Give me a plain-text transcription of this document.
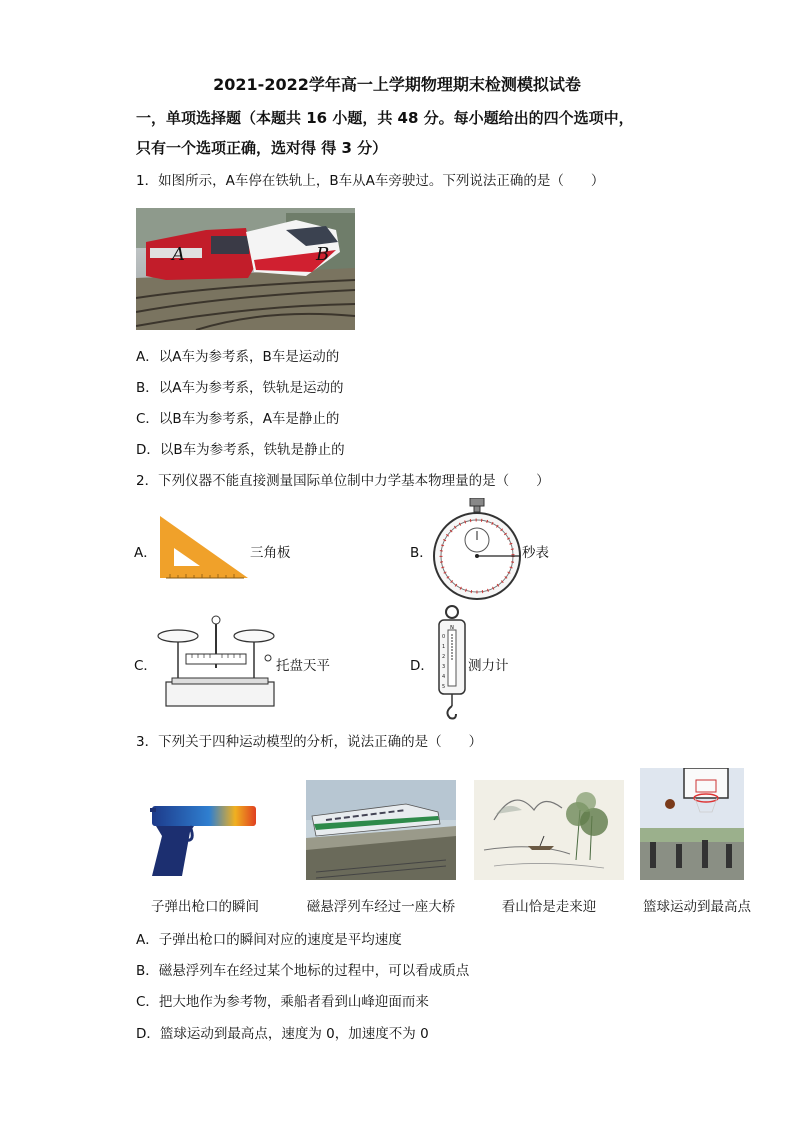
2021-2022学年高一上学期物理期末检测模拟试卷
一，单项选择题（本题共 16 小题，共 48 分。每小题给出的四个选项中，
只有一个选项正确，选对得 得 3 分）
1．如图所示，A车停在铁轨上，B车从A车旁驶过。下列说法正确的是（　　）
A	B
A．以A车为参考系，B车是运动的
B．以A车为参考系，铁轨是运动的
C．以B车为参考系，A车是静止的
D．以B车为参考系，铁轨是静止的
2．下列仪器不能直接测量国际单位制中力学基本物理量的是（　　）
A．	三角板	B．	秒表
C．	托盘天平	D．
N
0
1
2
3
4
5
测力计
3．下列关于四种运动模型的分析，说法正确的是（　　）
子弹出枪口的瞬间	磁悬浮列车经过一座大桥	看山恰是走来迎	篮球运动到最高点
A．子弹出枪口的瞬间对应的速度是平均速度
B．磁悬浮列车在经过某个地标的过程中，可以看成质点
C．把大地作为参考物，乘船者看到山峰迎面而来
D．篮球运动到最高点，速度为 0，加速度不为 0
